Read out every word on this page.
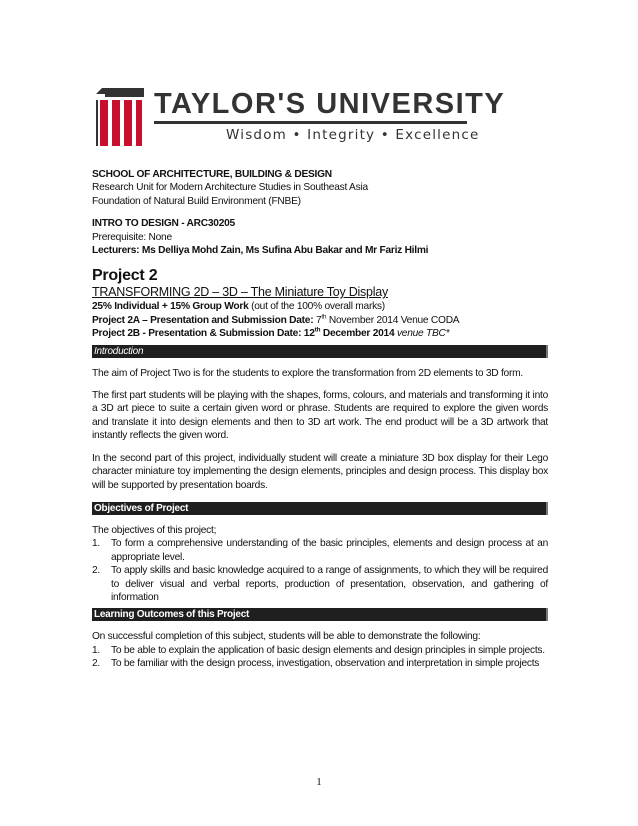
TAYLOR'S UNIVERSITY
Wisdom • Integrity • Excellence
SCHOOL OF ARCHITECTURE, BUILDING & DESIGN
Research Unit for Modern Architecture Studies in Southeast Asia
Foundation of Natural Build Environment (FNBE)
INTRO TO DESIGN - ARC30205
Prerequisite: None
Lecturers: Ms Delliya Mohd Zain, Ms Sufina Abu Bakar and Mr Fariz Hilmi
Project 2
TRANSFORMING 2D – 3D – The Miniature Toy Display
25% Individual + 15% Group Work (out of the 100% overall marks)
Project 2A – Presentation and Submission Date: 7th November 2014 Venue CODA
Project 2B - Presentation & Submission Date: 12th December 2014 venue TBC*
Introduction
The aim of Project Two is for the students to explore the transformation from 2D elements to 3D form.
The first part students will be playing with the shapes, forms, colours, and materials and transforming it into a 3D art piece to suite a certain given word or phrase. Students are required to explore the given words and translate it into design elements and then to 3D art work. The end product will be a 3D artwork that instantly reflects the given word.
In the second part of this project, individually student will create a miniature 3D box display for their Lego character miniature toy implementing the design elements, principles and design process. This display box will be supported by presentation boards.
Objectives of Project
The objectives of this project;
1. To form a comprehensive understanding of the basic principles, elements and design process at an appropriate level.
2. To apply skills and basic knowledge acquired to a range of assignments, to which they will be required to deliver visual and verbal reports, production of presentation, observation, and gathering of information
Learning Outcomes of this Project
On successful completion of this subject, students will be able to demonstrate the following:
1. To be able to explain the application of basic design elements and design principles in simple projects.
2. To be familiar with the design process, investigation, observation and interpretation in simple projects
1
